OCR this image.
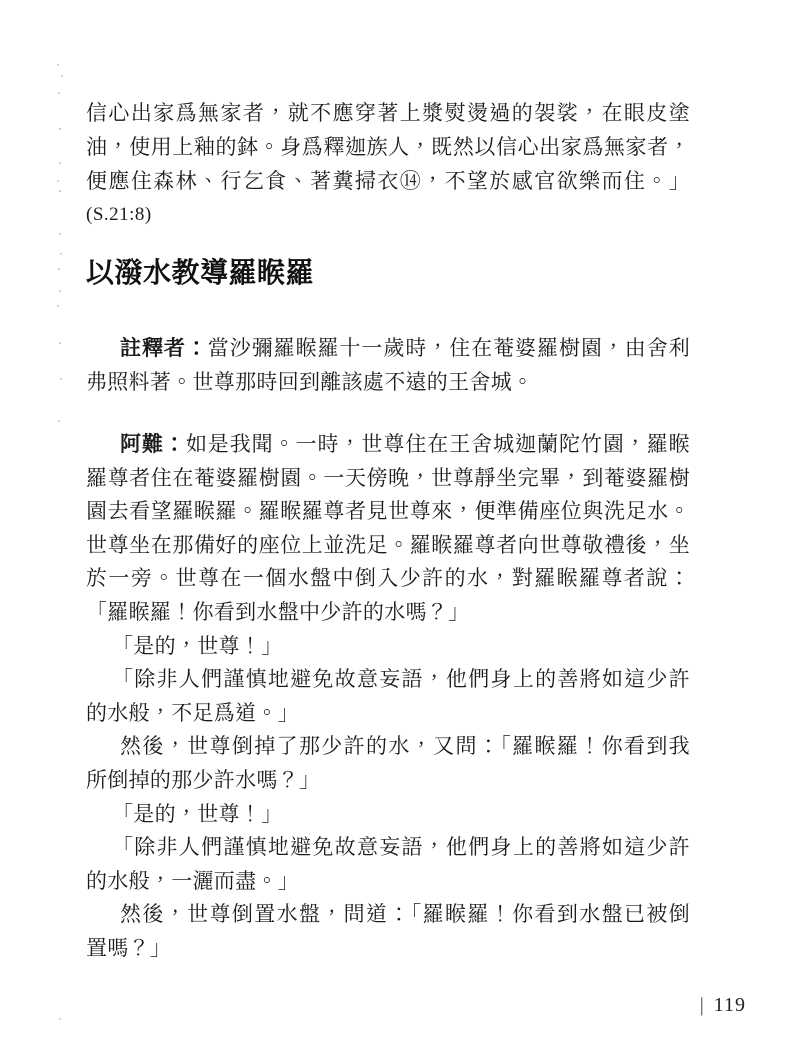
信心出家爲無家者，就不應穿著上漿熨燙過的袈裟，在眼皮塗
油，使用上釉的鉢。身爲釋迦族人，既然以信心出家爲無家者，
便應住森林、行乞食、著糞掃衣⑭，不望於感官欲樂而住。」
(S.21:8)
以潑水教導羅睺羅
註釋者：當沙彌羅睺羅十一歲時，住在菴婆羅樹園，由舍利
弗照料著。世尊那時回到離該處不遠的王舍城。
阿難：如是我聞。一時，世尊住在王舍城迦蘭陀竹園，羅睺
羅尊者住在菴婆羅樹園。一天傍晚，世尊靜坐完畢，到菴婆羅樹
園去看望羅睺羅。羅睺羅尊者見世尊來，便準備座位與洗足水。
世尊坐在那備好的座位上並洗足。羅睺羅尊者向世尊敬禮後，坐
於一旁。世尊在一個水盤中倒入少許的水，對羅睺羅尊者說：
「羅睺羅！你看到水盤中少許的水嗎？」
「是的，世尊！」
「除非人們謹慎地避免故意妄語，他們身上的善將如這少許
的水般，不足爲道。」
然後，世尊倒掉了那少許的水，又問：「羅睺羅！你看到我
所倒掉的那少許水嗎？」
「是的，世尊！」
「除非人們謹慎地避免故意妄語，他們身上的善將如這少許
的水般，一灑而盡。」
然後，世尊倒置水盤，問道：「羅睺羅！你看到水盤已被倒
置嗎？」
| 119
